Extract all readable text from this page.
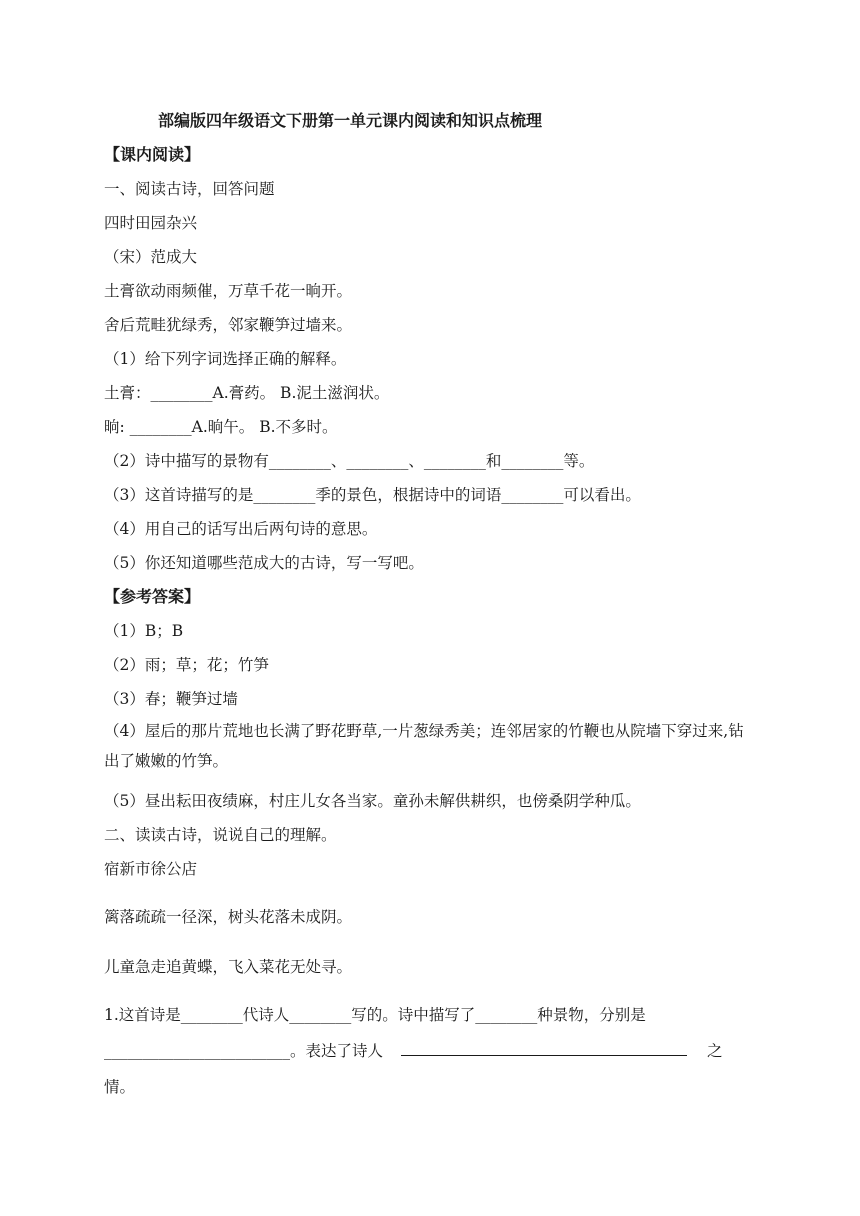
部编版四年级语文下册第一单元课内阅读和知识点梳理
【课内阅读】
一、阅读古诗，回答问题
四时田园杂兴
（宋）范成大
土膏欲动雨频催，万草千花一晌开。
舍后荒畦犹绿秀，邻家鞭笋过墙来。
（1）给下列字词选择正确的解释。
土膏：________A.膏药。 B.泥土滋润状。
晌: ________A.晌午。 B.不多时。
（2）诗中描写的景物有________、________、________和________等。
（3）这首诗描写的是________季的景色，根据诗中的词语________可以看出。
（4）用自己的话写出后两句诗的意思。
（5）你还知道哪些范成大的古诗，写一写吧。
【参考答案】
（1）B；B
（2）雨；草；花；竹笋
（3）春；鞭笋过墙
（4）屋后的那片荒地也长满了野花野草,一片葱绿秀美；连邻居家的竹鞭也从院墙下穿过来,钻出了嫩嫩的竹笋。
（5）昼出耘田夜绩麻，村庄儿女各当家。童孙未解供耕织，也傍桑阴学种瓜。
二、读读古诗，说说自己的理解。
宿新市徐公店
篱落疏疏一径深，树头花落未成阴。
儿童急走追黄蝶，飞入菜花无处寻。
1.这首诗是________代诗人________写的。诗中描写了________种景物，分别是
________________________。表达了诗人	之
情。
